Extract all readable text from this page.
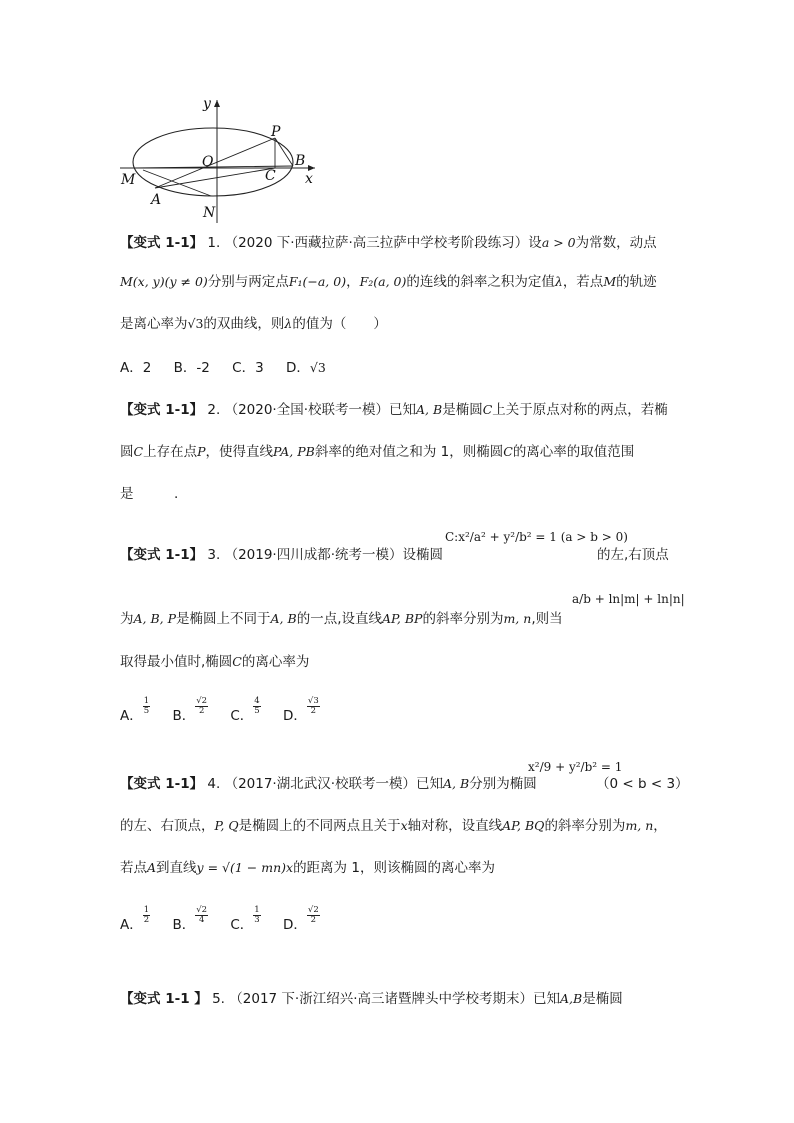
y
x
O
P
B
C
M
A
N
【变式 1-1】 1. （2020 下·西藏拉萨·高三拉萨中学校考阶段练习）设a > 0为常数，动点
M(x, y)(y ≠ 0)分别与两定点F₁(−a, 0)，F₂(a, 0)的连线的斜率之积为定值λ，若点M的轨迹
是离心率为√3的双曲线，则λ的值为（　　）
A．2 B．-2 C．3 D．√3
【变式 1-1】 2. （2020·全国·校联考一模）已知A, B是椭圆C上关于原点对称的两点，若椭
圆C上存在点P，使得直线PA, PB斜率的绝对值之和为 1，则椭圆C的离心率的取值范围
是　　　.
C:x²/a² + y²/b² = 1 (a > b > 0)
【变式 1-1】 3. （2019·四川成都·统考一模）设椭圆	的左,右顶点
a/b + ln|m| + ln|n|
为A, B, P是椭圆上不同于A, B的一点,设直线AP, BP的斜率分别为m, n,则当
取得最小值时,椭圆C的离心率为
A．
$\frac{1}{5}$
B．
$\frac{√2}{2}$
C．
$\frac{4}{5}$
D．
$\frac{√3}{2}$
x²/9 + y²/b² = 1
【变式 1-1】 4. （2017·湖北武汉·校联考一模）已知A, B分别为椭圆	（0 < b < 3）
的左、右顶点，P, Q是椭圆上的不同两点且关于x轴对称，设直线AP, BQ的斜率分别为m, n，
若点A到直线y = √(1 − mn)x的距离为 1，则该椭圆的离心率为
A．
$\frac{1}{2}$
B．
$\frac{√2}{4}$
C．
$\frac{1}{3}$
D．
$\frac{√2}{2}$
【变式 1-1 】 5. （2017 下·浙江绍兴·高三诸暨牌头中学校考期末）已知A,B是椭圆
